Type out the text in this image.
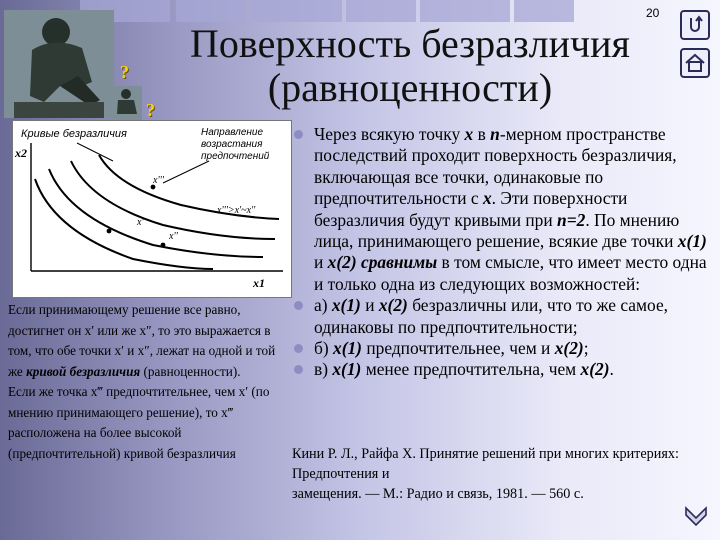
20
?
?
Поверхность безразличия
(равноценности)
Кривые безразличия	Направление возрастания предпочтений
x2
x1
x'''
x'
x''
x'''>x'~x''
Если принимающему решение все равно, достигнет он x′ или же x″, то это выражается в том, что обе точки x′ и x″, лежат на одной и той же кривой безразличия (равноценности).
Если же точка x‴ предпочтительнее, чем x′ (по мнению принимающего решение), то x‴ расположена на более высокой (предпочтительной) кривой безразличия
Через всякую точку x в n-мерном пространстве последствий проходит поверхность безразличия, включающая все точки, одинаковые по предпочтительности с x. Эти поверхности безразличия будут кривыми при n=2. По мнению лица, принимающего решение, всякие две точки x(1) и x(2) сравнимы в том смысле, что имеет место одна и только одна из следующих возможностей:
а) x(1) и x(2) безразличны или, что то же самое, одинаковы по предпочтительности;
б) x(1) предпочтительнее, чем и x(2);
в) x(1) менее предпочтительна, чем x(2).
Кини Р. Л., Райфа Х. Принятие решений при многих критериях: Предпочтения и
замещения. — М.: Радио и связь, 1981. — 560 с.
